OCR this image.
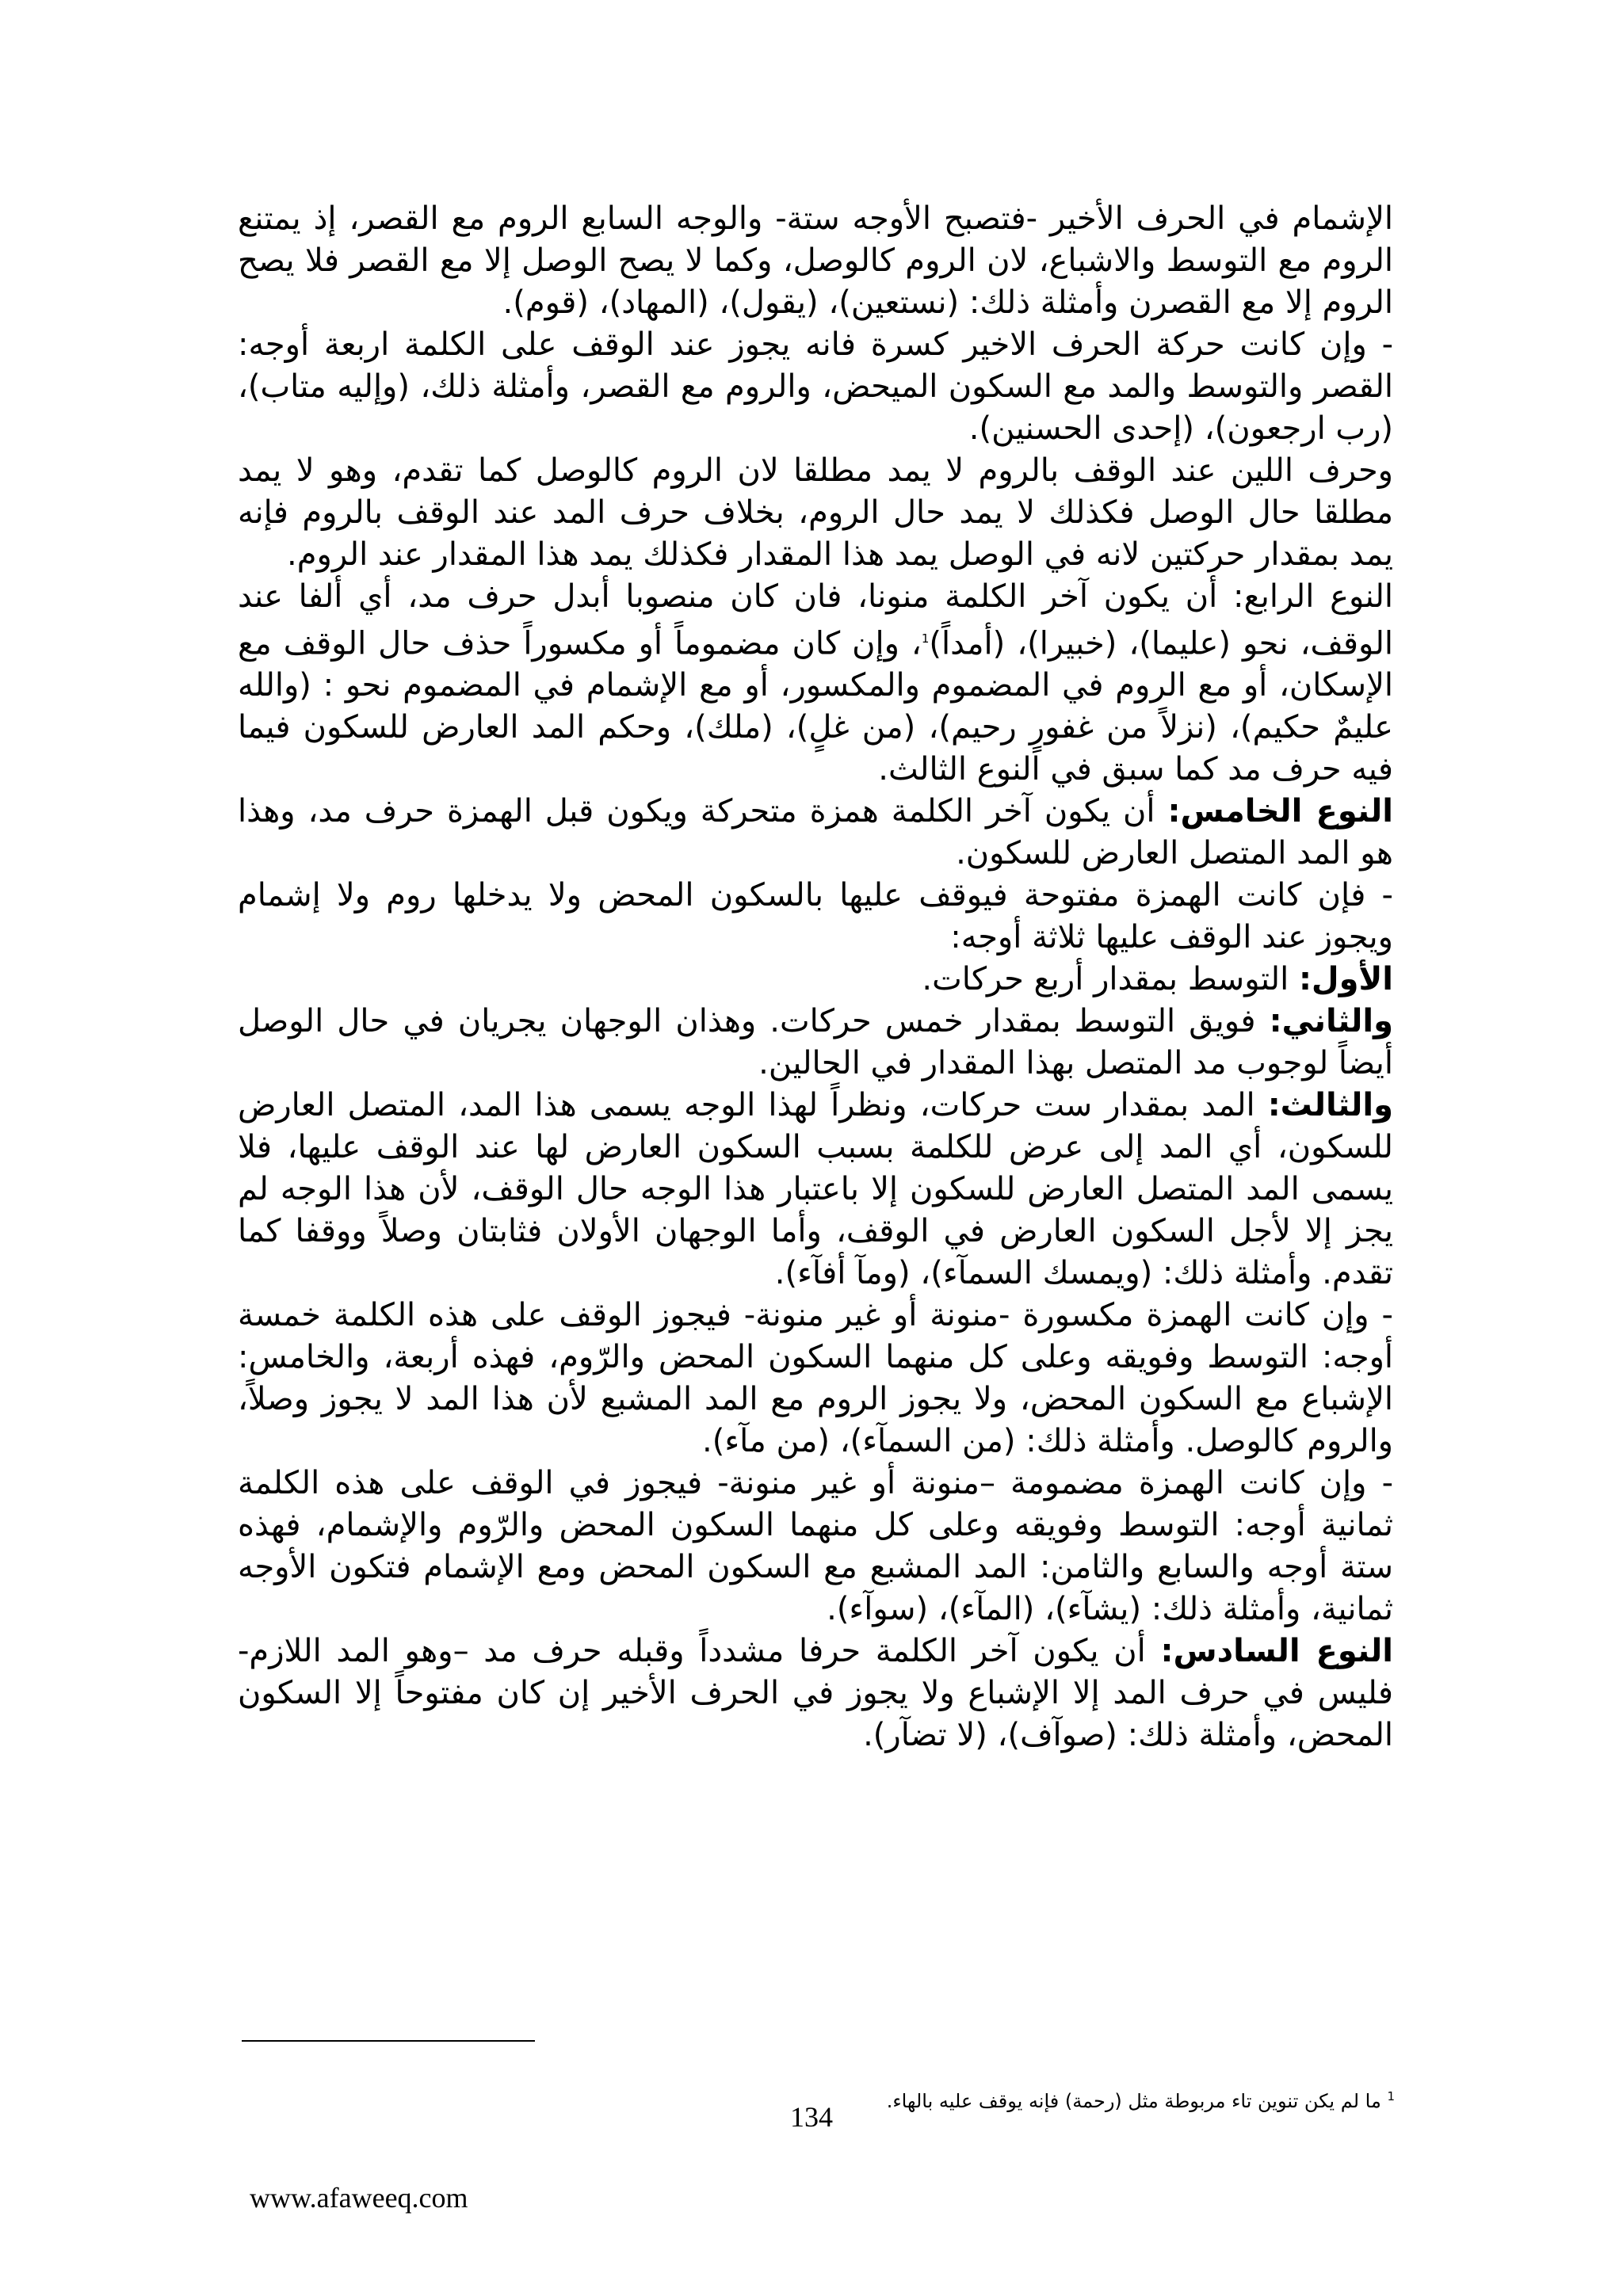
الإشمام في الحرف الأخير -فتصبح الأوجه ستة- والوجه السابع الروم مع القصر، إذ يمتنع الروم مع التوسط والاشباع، لان الروم كالوصل، وكما لا يصح الوصل إلا مع القصر فلا يصح الروم إلا مع القصرن وأمثلة ذلك: (نستعين)، (يقول)، (المهاد)، (قوم).

- وإن كانت حركة الحرف الاخير كسرة فانه يجوز عند الوقف على الكلمة اربعة أوجه: القصر والتوسط والمد مع السكون الميحض، والروم مع القصر، وأمثلة ذلك، (وإليه متاب)، (رب ارجعون)، (إحدى الحسنين).

وحرف اللين عند الوقف بالروم لا يمد مطلقا لان الروم كالوصل كما تقدم، وهو لا يمد مطلقا حال الوصل فكذلك لا يمد حال الروم، بخلاف حرف المد عند الوقف بالروم فإنه يمد بمقدار حركتين لانه في الوصل يمد هذا المقدار فكذلك يمد هذا المقدار عند الروم.

النوع الرابع: أن يكون آخر الكلمة منونا، فان كان منصوبا أبدل حرف مد، أي ألفا عند الوقف، نحو (عليما)، (خبيرا)، (أمداً)$^1$، وإن كان مضموماً أو مكسوراً حذف حال الوقف مع الإسكان، أو مع الروم في المضموم والمكسور، أو مع الإشمام في المضموم نحو : (والله عليمٌ حكيم)، (نزلاً من غفورٍ رحيم)، (من غلٍ)، (ملك)، وحكم المد العارض للسكون فيما فيه حرف مد كما سبق في النوع الثالث.

النوع الخامس: أن يكون آخر الكلمة همزة متحركة ويكون قبل الهمزة حرف مد، وهذا هو المد المتصل العارض للسكون.

- فإن كانت الهمزة مفتوحة فيوقف عليها بالسكون المحض ولا يدخلها روم ولا إشمام ويجوز عند الوقف عليها ثلاثة أوجه:

الأول: التوسط بمقدار أربع حركات.

والثاني: فويق التوسط بمقدار خمس حركات. وهذان الوجهان يجريان في حال الوصل أيضاً لوجوب مد المتصل بهذا المقدار في الحالين.

والثالث: المد بمقدار ست حركات، ونظراً لهذا الوجه يسمى هذا المد، المتصل العارض للسكون، أي المد إلى عرض للكلمة بسبب السكون العارض لها عند الوقف عليها، فلا يسمى المد المتصل العارض للسكون إلا باعتبار هذا الوجه حال الوقف، لأن هذا الوجه لم يجز إلا لأجل السكون العارض في الوقف، وأما الوجهان الأولان فثابتان وصلاً ووقفا كما تقدم. وأمثلة ذلك: (ويمسك السمآء)، (ومآ أفآء).

- وإن كانت الهمزة مكسورة -منونة أو غير منونة- فيجوز الوقف على هذه الكلمة خمسة أوجه: التوسط وفويقه وعلى كل منهما السكون المحض والرّوم، فهذه أربعة، والخامس: الإشباع مع السكون المحض، ولا يجوز الروم مع المد المشبع لأن هذا المد لا يجوز وصلاً، والروم كالوصل. وأمثلة ذلك: (من السمآء)، (من مآء).

- وإن كانت الهمزة مضمومة –منونة أو غير منونة- فيجوز في الوقف على هذه الكلمة ثمانية أوجه: التوسط وفويقه وعلى كل منهما السكون المحض والرّوم والإشمام، فهذه ستة أوجه والسابع والثامن: المد المشبع مع السكون المحض ومع الإشمام فتكون الأوجه ثمانية، وأمثلة ذلك: (يشآء)، (المآء)، (سوآء).

النوع السادس: أن يكون آخر الكلمة حرفا مشدداً وقبله حرف مد –وهو المد اللازم- فليس في حرف المد إلا الإشباع ولا يجوز في الحرف الأخير إن كان مفتوحاً إلا السكون المحض، وأمثلة ذلك: (صوآف)، (لا تضآر).

$^1$ ما لم يكن تنوين تاء مربوطة مثل (رحمة) فإنه يوقف عليه بالهاء.
134
www.afaweeq.com
